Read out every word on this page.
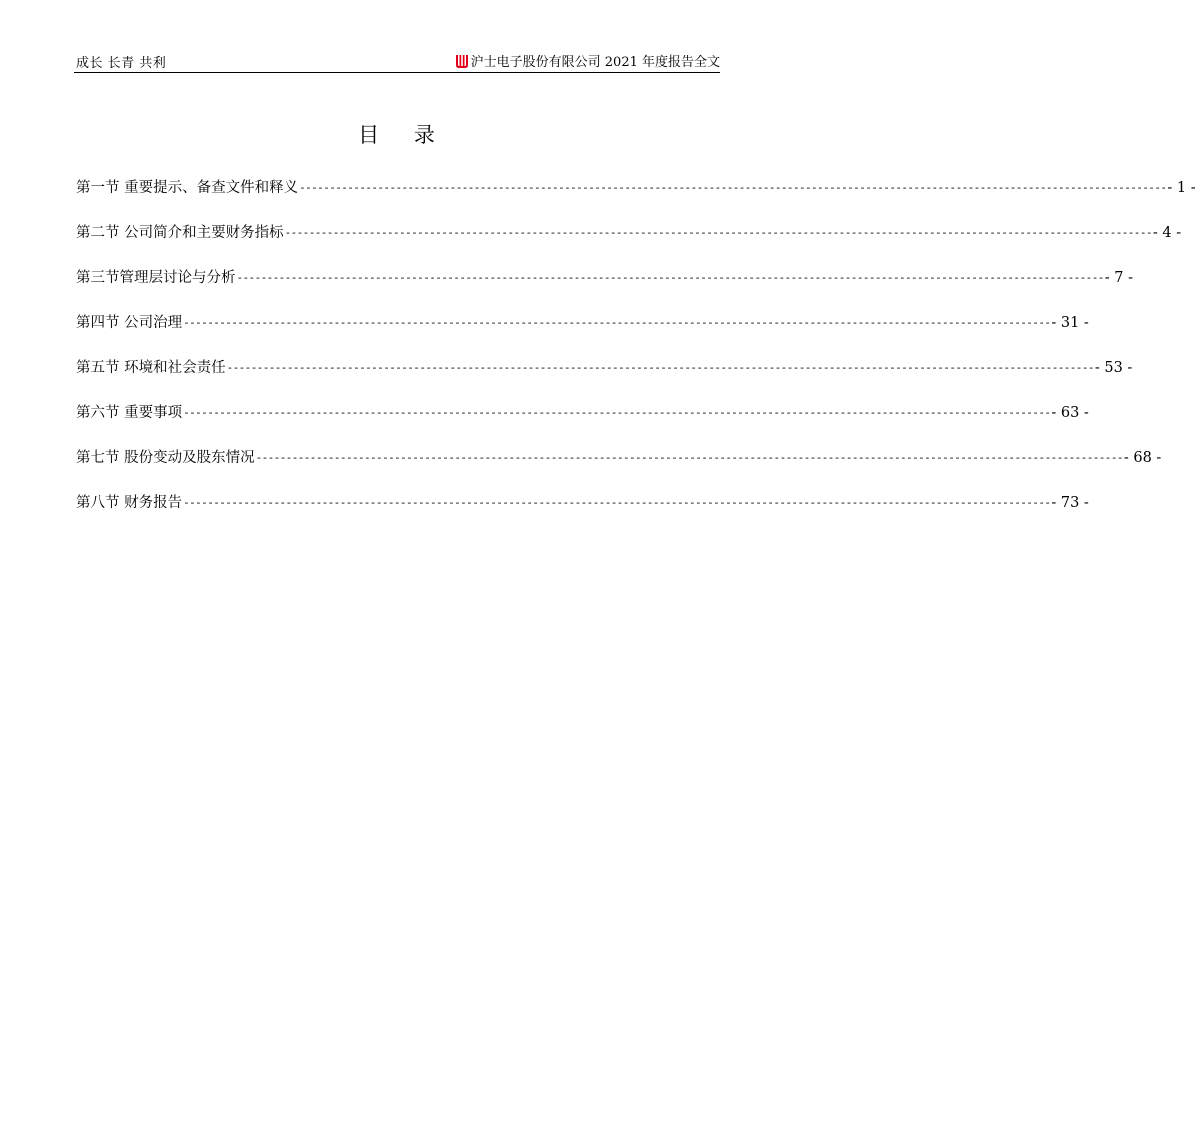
成长 长青 共利	沪士电子股份有限公司 2021 年度报告全文
目 录
第一节 重要提示、备查文件和释义 ------------------------------------------------------------------------------------------------------------------------------------------------ - 1 -
第二节 公司简介和主要财务指标 ------------------------------------------------------------------------------------------------------------------------------------------------ - 4 -
第三节管理层讨论与分析 ------------------------------------------------------------------------------------------------------------------------------------------------ - 7 -
第四节 公司治理 ------------------------------------------------------------------------------------------------------------------------------------------------ - 31 -
第五节 环境和社会责任 ------------------------------------------------------------------------------------------------------------------------------------------------ - 53 -
第六节 重要事项 ------------------------------------------------------------------------------------------------------------------------------------------------ - 63 -
第七节 股份变动及股东情况 ------------------------------------------------------------------------------------------------------------------------------------------------ - 68 -
第八节 财务报告 ------------------------------------------------------------------------------------------------------------------------------------------------ - 73 -
